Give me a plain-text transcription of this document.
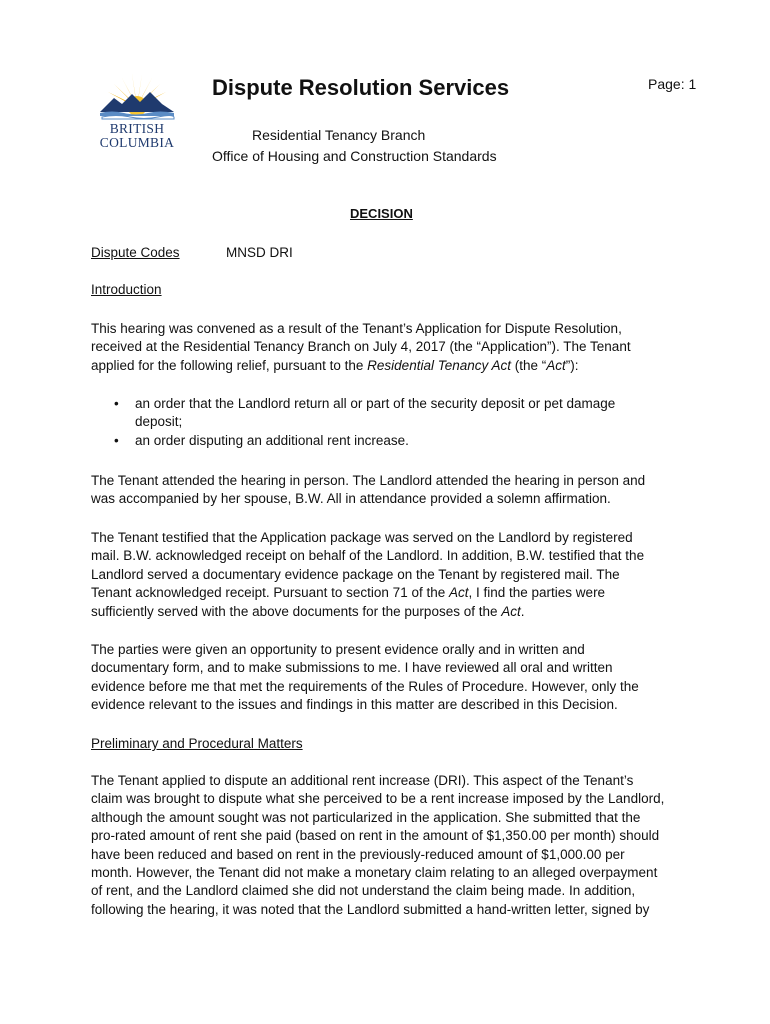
BRITISH
COLUMBIA
Dispute Resolution Services	Page: 1
Residential Tenancy Branch
Office of Housing and Construction Standards
DECISION
Dispute Codes	MNSD DRI
Introduction

This hearing was convened as a result of the Tenant’s Application for Dispute Resolution,
received at the Residential Tenancy Branch on July 4, 2017 (the “Application”). The Tenant
applied for the following relief, pursuant to the Residential Tenancy Act (the “Act”):

• an order that the Landlord return all or part of the security deposit or pet damage
deposit;
• an order disputing an additional rent increase.

The Tenant attended the hearing in person. The Landlord attended the hearing in person and
was accompanied by her spouse, B.W. All in attendance provided a solemn affirmation.

The Tenant testified that the Application package was served on the Landlord by registered
mail. B.W. acknowledged receipt on behalf of the Landlord. In addition, B.W. testified that the
Landlord served a documentary evidence package on the Tenant by registered mail. The
Tenant acknowledged receipt. Pursuant to section 71 of the Act, I find the parties were
sufficiently served with the above documents for the purposes of the Act.

The parties were given an opportunity to present evidence orally and in written and
documentary form, and to make submissions to me. I have reviewed all oral and written
evidence before me that met the requirements of the Rules of Procedure. However, only the
evidence relevant to the issues and findings in this matter are described in this Decision.

Preliminary and Procedural Matters

The Tenant applied to dispute an additional rent increase (DRI). This aspect of the Tenant’s
claim was brought to dispute what she perceived to be a rent increase imposed by the Landlord,
although the amount sought was not particularized in the application. She submitted that the
pro-rated amount of rent she paid (based on rent in the amount of $1,350.00 per month) should
have been reduced and based on rent in the previously-reduced amount of $1,000.00 per
month. However, the Tenant did not make a monetary claim relating to an alleged overpayment
of rent, and the Landlord claimed she did not understand the claim being made. In addition,
following the hearing, it was noted that the Landlord submitted a hand-written letter, signed by
